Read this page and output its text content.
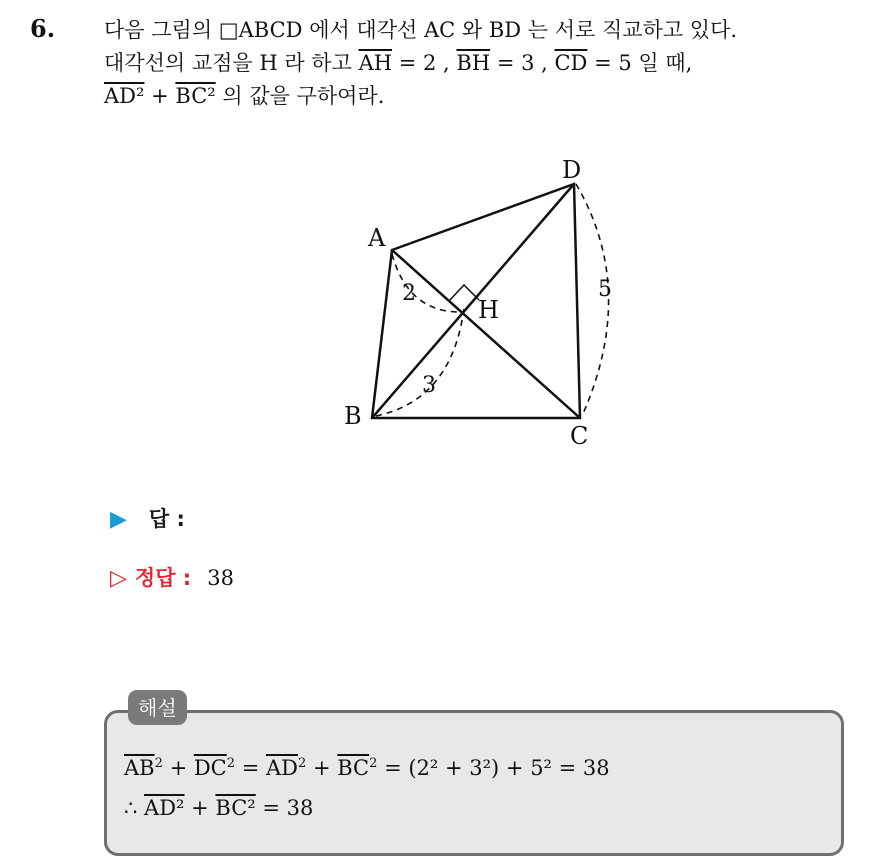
6. 다음 그림의 □ABCD 에서 대각선 AC 와 BD 는 서로 직교하고 있다.
대각선의 교점을 H 라 하고 $\overline{AH} = 2$ , $\overline{BH} = 3$ , $\overline{CD} = 5$ 일 때,
AD² + BC² 의 값을 구하여라.
A
B
C
D
H
2
3
5
▶ 답 :
▷ 정답 : 38
해설
$\overline{AB}^2 + \overline{DC}^2 = \overline{AD}^2 + \overline{BC}^2 = (2^2 + 3^2) + 5^2 = 38$
∴ AD² + BC² = 38
